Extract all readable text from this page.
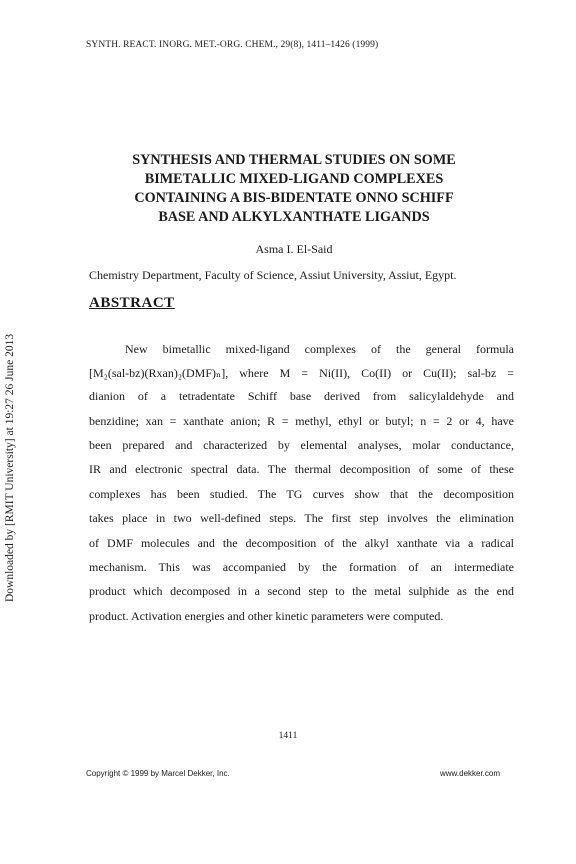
SYNTH. REACT. INORG. MET.-ORG. CHEM., 29(8), 1411–1426 (1999)
Downloaded by [RMIT University] at 19:27 26 June 2013
SYNTHESIS AND THERMAL STUDIES ON SOME
BIMETALLIC MIXED-LIGAND COMPLEXES
CONTAINING A BIS-BIDENTATE ONNO SCHIFF
BASE AND ALKYLXANTHATE LIGANDS
Asma I. El-Said
Chemistry Department, Faculty of Science, Assiut University, Assiut, Egypt.
ABSTRACT
New bimetallic mixed-ligand complexes of the general formula
[M₂(sal-bz)(Rxan)₂(DMF)ₙ], where M = Ni(II), Co(II) or Cu(II); sal-bz =
dianion of a tetradentate Schiff base derived from salicylaldehyde and
benzidine; xan = xanthate anion; R = methyl, ethyl or butyl; n = 2 or 4, have
been prepared and characterized by elemental analyses, molar conductance,
IR and electronic spectral data. The thermal decomposition of some of these
complexes has been studied. The TG curves show that the decomposition
takes place in two well-defined steps. The first step involves the elimination
of DMF molecules and the decomposition of the alkyl xanthate via a radical
mechanism. This was accompanied by the formation of an intermediate
product which decomposed in a second step to the metal sulphide as the end
product. Activation energies and other kinetic parameters were computed.
1411
Copyright © 1999 by Marcel Dekker, Inc.	www.dekker.com
